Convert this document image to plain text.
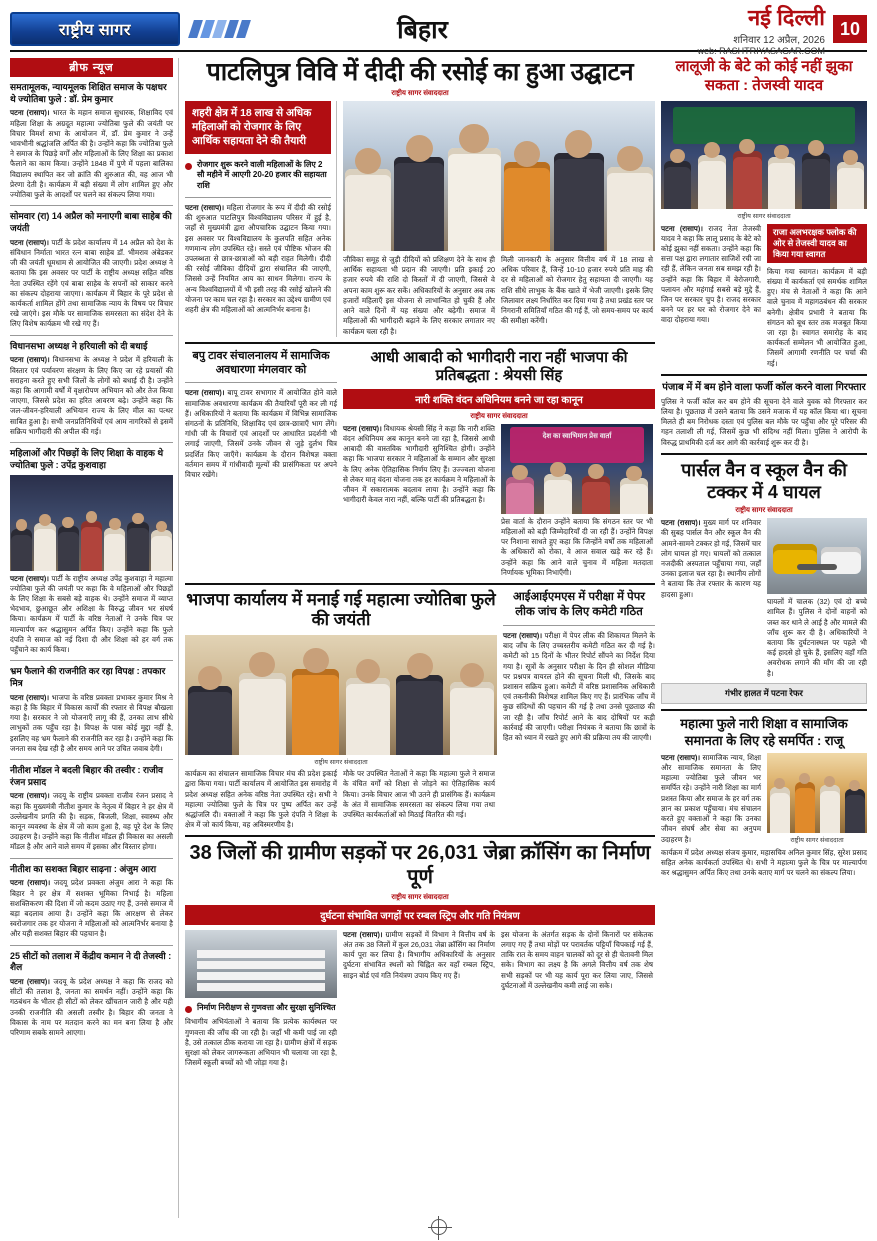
राष्ट्रीय सागर	बिहार	नई दिल्ली
शनिवार 12 अप्रैल, 2026
web: RASHTRIYASAGAR.COM
10
ब्रीफ न्यूज
समतामूलक, न्यायमूलक शिक्षित समाज के पक्षधर थे ज्योतिबा फुले : डॉ. प्रेम कुमार
पटना (रासाप)। भारत के महान समाज सुधारक, शिक्षाविद एवं महिला शिक्षा के अग्रदूत महात्मा ज्योतिबा फुले की जयंती पर विचार विमर्श सभा के आयोजन में, डॉ. प्रेम कुमार ने उन्हें भावभीनी श्रद्धांजलि अर्पित की है। उन्होंने कहा कि ज्योतिबा फुले ने समाज के पिछड़े वर्गों और महिलाओं के लिए शिक्षा का प्रकाश फैलाने का काम किया। उन्होंने 1848 में पुणे में पहला बालिका विद्यालय स्थापित कर जो क्रांति की शुरुआत की, वह आज भी प्रेरणा देती है। कार्यक्रम में बड़ी संख्या में लोग शामिल हुए और ज्योतिबा फुले के आदर्शों पर चलने का संकल्प लिया गया।
सोमवार (रा) 14 अप्रैल को मनाएगी बाबा साहेब की जयंती
पटना (रासाप)। पार्टी के प्रदेश कार्यालय में 14 अप्रैल को देश के संविधान निर्माता भारत रत्न बाबा साहेब डॉ. भीमराव अंबेडकर जी की जयंती धूमधाम से आयोजित की जाएगी। प्रदेश अध्यक्ष ने बताया कि इस अवसर पर पार्टी के राष्ट्रीय अध्यक्ष सहित वरिष्ठ नेता उपस्थित रहेंगे एवं बाबा साहेब के सपनों को साकार करने का संकल्प दोहराया जाएगा। कार्यक्रम में बिहार के पूरे प्रदेश से कार्यकर्ता शामिल होंगे तथा सामाजिक न्याय के विषय पर विचार रखे जाएंगे। इस मौके पर सामाजिक समरसता का संदेश देने के लिए विशेष कार्यक्रम भी रखे गए हैं।
विधानसभा अध्यक्ष ने हरियाली को दी बधाई
पटना (रासाप)। विधानसभा के अध्यक्ष ने प्रदेश में हरियाली के विस्तार एवं पर्यावरण संरक्षण के लिए किए जा रहे प्रयासों की सराहना करते हुए सभी जिलों के लोगों को बधाई दी है। उन्होंने कहा कि आगामी वर्षों में वृक्षारोपण अभियान को और तेज किया जाएगा, जिससे प्रदेश का हरित आवरण बढ़े। उन्होंने कहा कि जल-जीवन-हरियाली अभियान राज्य के लिए मील का पत्थर साबित हुआ है। सभी जनप्रतिनिधियों एवं आम नागरिकों से इसमें सक्रिय भागीदारी की अपील की गई।
महिलाओं और पिछड़ों के लिए शिक्षा के वाहक थे ज्योतिबा फुले : उपेंद्र कुशवाहा
पटना (रासाप)। पार्टी के राष्ट्रीय अध्यक्ष उपेंद्र कुशवाहा ने महात्मा ज्योतिबा फुले की जयंती पर कहा कि वे महिलाओं और पिछड़ों के लिए शिक्षा के सबसे बड़े वाहक थे। उन्होंने समाज में व्याप्त भेदभाव, छुआछूत और अशिक्षा के विरुद्ध जीवन भर संघर्ष किया। कार्यक्रम में पार्टी के वरिष्ठ नेताओं ने उनके चित्र पर माल्यार्पण कर श्रद्धासुमन अर्पित किए। उन्होंने कहा कि फुले दंपति ने समाज को नई दिशा दी और शिक्षा को हर वर्ग तक पहुँचाने का कार्य किया।
भ्रम फैलाने की राजनीति कर रहा विपक्ष : तपकार मित्र
पटना (रासाप)। भाजपा के वरिष्ठ प्रवक्ता प्रभाकर कुमार मिश्र ने कहा है कि बिहार में विकास कार्यों की रफ्तार से विपक्ष बौखला गया है। सरकार ने जो योजनाएँ लागू की हैं, उनका लाभ सीधे लाभुकों तक पहुँच रहा है। विपक्ष के पास कोई मुद्दा नहीं है, इसलिए वह भ्रम फैलाने की राजनीति कर रहा है। उन्होंने कहा कि जनता सब देख रही है और समय आने पर उचित जवाब देगी।
नीतीश मॉडल ने बदली बिहार की तस्वीर : राजीव रंजन प्रसाद
पटना (रासाप)। जदयू के राष्ट्रीय प्रवक्ता राजीव रंजन प्रसाद ने कहा कि मुख्यमंत्री नीतीश कुमार के नेतृत्व में बिहार ने हर क्षेत्र में उल्लेखनीय प्रगति की है। सड़क, बिजली, शिक्षा, स्वास्थ्य और कानून व्यवस्था के क्षेत्र में जो काम हुआ है, वह पूरे देश के लिए उदाहरण है। उन्होंने कहा कि नीतीश मॉडल ही विकास का असली मॉडल है और आने वाले समय में इसका और विस्तार होगा।
नीतीश का सशक्त बिहार साढ़ना : अंजुम आरा
पटना (रासाप)। जदयू प्रदेश प्रवक्ता अंजुम आरा ने कहा कि बिहार ने हर क्षेत्र में सशक्त भूमिका निभाई है। महिला सशक्तिकरण की दिशा में जो कदम उठाए गए हैं, उनसे समाज में बड़ा बदलाव आया है। उन्होंने कहा कि आरक्षण से लेकर स्वरोजगार तक हर योजना ने महिलाओं को आत्मनिर्भर बनाया है और यही सशक्त बिहार की पहचान है।
25 सीटों को तलाश में केंद्रीय कमान ने दी तेजस्वी : शैल
पटना (रासाप)। जदयू के प्रदेश अध्यक्ष ने कहा कि राजद को सीटों की तलाश है, जनता का समर्थन नहीं। उन्होंने कहा कि गठबंधन के भीतर ही सीटों को लेकर खींचतान जारी है और यही उनकी राजनीति की असली तस्वीर है। बिहार की जनता ने विकास के नाम पर मतदान करने का मन बना लिया है और परिणाम सबके सामने आएगा।
पाटलिपुत्र विवि में दीदी की रसोई का हुआ उद्घाटन
राष्ट्रीय सागर संवाददाता
शहरी क्षेत्र में 18 लाख से अधिक महिलाओं को रोजगार के लिए आर्थिक सहायता देने की तैयारी
रोजगार शुरू करने वाली महिलाओं के लिए 2 सौ महीने में आएगी 20-20 हजार की सहायता राशि
पटना (रासाप)। महिला रोजगार के रूप में दीदी की रसोई की शुरुआत पाटलिपुत्र विश्वविद्यालय परिसर में हुई है, जहाँ से मुख्यमंत्री द्वारा औपचारिक उद्घाटन किया गया। इस अवसर पर विश्वविद्यालय के कुलपति सहित अनेक गणमान्य लोग उपस्थित रहे। सस्ते एवं पौष्टिक भोजन की उपलब्धता से छात्र-छात्राओं को बड़ी राहत मिलेगी। दीदी की रसोई जीविका दीदियों द्वारा संचालित की जाएगी, जिससे उन्हें नियमित आय का साधन मिलेगा। राज्य के अन्य विश्वविद्यालयों में भी इसी तरह की रसोई खोलने की योजना पर काम चल रहा है। सरकार का उद्देश्य ग्रामीण एवं शहरी क्षेत्र की महिलाओं को आत्मनिर्भर बनाना है।
जीविका समूह से जुड़ी दीदियों को प्रशिक्षण देने के साथ ही आर्थिक सहायता भी प्रदान की जाएगी। प्रति इकाई 20 हजार रुपये की राशि दो किस्तों में दी जाएगी, जिससे वे अपना काम शुरू कर सकें। अधिकारियों के अनुसार अब तक हजारों महिलाएँ इस योजना से लाभान्वित हो चुकी हैं और आने वाले दिनों में यह संख्या और बढ़ेगी। समाज में महिलाओं की भागीदारी बढ़ाने के लिए सरकार लगातार नए कार्यक्रम चला रही है।
मिली जानकारी के अनुसार वित्तीय वर्ष में 18 लाख से अधिक परिवार हैं, जिन्हें 10-10 हजार रुपये प्रति माह की दर से महिलाओं को रोजगार हेतु सहायता दी जाएगी। यह राशि सीधे लाभुक के बैंक खाते में भेजी जाएगी। इसके लिए जिलावार लक्ष्य निर्धारित कर दिया गया है तथा प्रखंड स्तर पर निगरानी समितियाँ गठित की गई हैं, जो समय-समय पर कार्य की समीक्षा करेंगी।
बपु टावर संचालनालय में सामाजिक अवधारणा मंगलवार को
पटना (रासाप)। बापू टावर सभागार में आयोजित होने वाले सामाजिक अवधारणा कार्यक्रम की तैयारियाँ पूरी कर ली गई हैं। अधिकारियों ने बताया कि कार्यक्रम में विभिन्न सामाजिक संगठनों के प्रतिनिधि, शिक्षाविद एवं छात्र-छात्राएँ भाग लेंगे। गांधी जी के विचारों एवं आदर्शों पर आधारित प्रदर्शनी भी लगाई जाएगी, जिसमें उनके जीवन से जुड़े दुर्लभ चित्र प्रदर्शित किए जाएँगे। कार्यक्रम के दौरान विशेषज्ञ वक्ता वर्तमान समय में गांधीवादी मूल्यों की प्रासंगिकता पर अपने विचार रखेंगे।
आधी आबादी को भागीदारी नारा नहीं भाजपा की प्रतिबद्धता : श्रेयसी सिंह
नारी शक्ति वंदन अधिनियम बनने जा रहा कानून
राष्ट्रीय सागर संवाददाता
पटना (रासाप)। विधायक श्रेयसी सिंह ने कहा कि नारी शक्ति वंदन अधिनियम अब कानून बनने जा रहा है, जिससे आधी आबादी की वास्तविक भागीदारी सुनिश्चित होगी। उन्होंने कहा कि भाजपा सरकार ने महिलाओं के सम्मान और सुरक्षा के लिए अनेक ऐतिहासिक निर्णय लिए हैं। उज्ज्वला योजना से लेकर मातृ वंदना योजना तक हर कार्यक्रम ने महिलाओं के जीवन में सकारात्मक बदलाव लाया है। उन्होंने कहा कि भागीदारी केवल नारा नहीं, बल्कि पार्टी की प्रतिबद्धता है।
देश का स्वाभिमान प्रेस वार्ता
प्रेस वार्ता के दौरान उन्होंने बताया कि संगठन स्तर पर भी महिलाओं को बड़ी जिम्मेदारियाँ दी जा रही हैं। उन्होंने विपक्ष पर निशाना साधते हुए कहा कि जिन्होंने वर्षों तक महिलाओं के अधिकारों को रोका, वे आज सवाल खड़े कर रहे हैं। उन्होंने कहा कि आने वाले चुनाव में महिला मतदाता निर्णायक भूमिका निभाएँगी।
भाजपा कार्यालय में मनाई गई महात्मा ज्योतिबा फुले की जयंती
राष्ट्रीय सागर संवाददाता
कार्यक्रम का संचालन सामाजिक विचार मंच की प्रदेश इकाई द्वारा किया गया। पार्टी कार्यालय में आयोजित इस समारोह में प्रदेश अध्यक्ष सहित अनेक वरिष्ठ नेता उपस्थित रहे। सभी ने महात्मा ज्योतिबा फुले के चित्र पर पुष्प अर्पित कर उन्हें श्रद्धांजलि दी। वक्ताओं ने कहा कि फुले दंपति ने शिक्षा के क्षेत्र में जो कार्य किया, वह अविस्मरणीय है।
मौके पर उपस्थित नेताओं ने कहा कि महात्मा फुले ने समाज के वंचित वर्गों को शिक्षा से जोड़ने का ऐतिहासिक कार्य किया। उनके विचार आज भी उतने ही प्रासंगिक हैं। कार्यक्रम के अंत में सामाजिक समरसता का संकल्प लिया गया तथा उपस्थित कार्यकर्ताओं को मिठाई वितरित की गई।
आईआईएमएस में परीक्षा में पेपर लीक जांच के लिए कमेटी गठित
पटना (रासाप)। परीक्षा में पेपर लीक की शिकायत मिलने के बाद जाँच के लिए उच्चस्तरीय कमेटी गठित कर दी गई है। कमेटी को 15 दिनों के भीतर रिपोर्ट सौंपने का निर्देश दिया गया है। सूत्रों के अनुसार परीक्षा के दिन ही सोशल मीडिया पर प्रश्नपत्र वायरल होने की सूचना मिली थी, जिसके बाद प्रशासन सक्रिय हुआ। कमेटी में वरिष्ठ प्रशासनिक अधिकारी एवं तकनीकी विशेषज्ञ शामिल किए गए हैं। प्रारंभिक जाँच में कुछ संदिग्धों की पहचान की गई है तथा उनसे पूछताछ की जा रही है। जाँच रिपोर्ट आने के बाद दोषियों पर कड़ी कार्रवाई की जाएगी। परीक्षा नियंत्रक ने बताया कि छात्रों के हित को ध्यान में रखते हुए आगे की प्रक्रिया तय की जाएगी।
38 जिलों की ग्रामीण सड़कों पर 26,031 जेब्रा क्रॉसिंग का निर्माण पूर्ण
राष्ट्रीय सागर संवाददाता
दुर्घटना संभावित जगहों पर रम्बल स्ट्रिप और गति नियंत्रण
निर्माण निरीक्षण से गुणवत्ता और सुरक्षा सुनिश्चित
विभागीय अभियंताओं ने बताया कि प्रत्येक कार्यस्थल पर गुणवत्ता की जाँच की जा रही है। जहाँ भी कमी पाई जा रही है, उसे तत्काल ठीक कराया जा रहा है। ग्रामीण क्षेत्रों में सड़क सुरक्षा को लेकर जागरूकता अभियान भी चलाया जा रहा है, जिसमें स्कूली बच्चों को भी जोड़ा गया है।
पटना (रासाप)। ग्रामीण सड़कों में विभाग ने वित्तीय वर्ष के अंत तक 38 जिलों में कुल 26,031 जेब्रा क्रॉसिंग का निर्माण कार्य पूरा कर लिया है। विभागीय अधिकारियों के अनुसार दुर्घटना संभावित स्थलों को चिह्नित कर वहाँ रम्बल स्ट्रिप, साइन बोर्ड एवं गति नियंत्रण उपाय किए गए हैं।
इस योजना के अंतर्गत सड़क के दोनों किनारों पर संकेतक लगाए गए हैं तथा मोड़ों पर परावर्तक पट्टियाँ चिपकाई गई हैं, ताकि रात के समय वाहन चालकों को दूर से ही चेतावनी मिल सके। विभाग का लक्ष्य है कि अगले वित्तीय वर्ष तक शेष सभी सड़कों पर भी यह कार्य पूरा कर लिया जाए, जिससे दुर्घटनाओं में उल्लेखनीय कमी लाई जा सके।
लालूजी के बेटे को कोई नहीं झुका सकता : तेजस्वी यादव
राष्ट्रीय सागर संवाददाता
पटना (रासाप)। राजद नेता तेजस्वी यादव ने कहा कि लालू प्रसाद के बेटे को कोई झुका नहीं सकता। उन्होंने कहा कि सत्ता पक्ष द्वारा लगातार साजिशें रची जा रही हैं, लेकिन जनता सब समझ रही है। उन्होंने कहा कि बिहार में बेरोजगारी, पलायन और महंगाई सबसे बड़े मुद्दे हैं, जिन पर सरकार चुप है। राजद सरकार बनने पर हर घर को रोजगार देने का वादा दोहराया गया।
राजा अलभरक्षक फ्लोक की ओर से तेजस्वी यादव का किया गया स्वागत
किया गया स्वागत। कार्यक्रम में बड़ी संख्या में कार्यकर्ता एवं समर्थक शामिल हुए। मंच से नेताओं ने कहा कि आने वाले चुनाव में महागठबंधन की सरकार बनेगी। क्षेत्रीय प्रभारी ने बताया कि संगठन को बूथ स्तर तक मजबूत किया जा रहा है। स्वागत समारोह के बाद कार्यकर्ता सम्मेलन भी आयोजित हुआ, जिसमें आगामी रणनीति पर चर्चा की गई।
पंजाब में में बम होने वाला फर्जी कॉल करने वाला गिरफ्तार
पुलिस ने फर्जी कॉल कर बम होने की सूचना देने वाले युवक को गिरफ्तार कर लिया है। पूछताछ में उसने बताया कि उसने मजाक में यह कॉल किया था। सूचना मिलते ही बम निरोधक दस्ता एवं पुलिस बल मौके पर पहुँचा और पूरे परिसर की गहन तलाशी ली गई, जिसमें कुछ भी संदिग्ध नहीं मिला। पुलिस ने आरोपी के विरुद्ध प्राथमिकी दर्ज कर आगे की कार्रवाई शुरू कर दी है।
पार्सल वैन व स्कूल वैन की टक्कर में 4 घायल
राष्ट्रीय सागर संवाददाता
पटना (रासाप)। मुख्य मार्ग पर शनिवार की सुबह पार्सल वैन और स्कूल वैन की आमने-सामने टक्कर हो गई, जिसमें चार लोग घायल हो गए। घायलों को तत्काल नजदीकी अस्पताल पहुँचाया गया, जहाँ उनका इलाज चल रहा है। स्थानीय लोगों ने बताया कि तेज रफ्तार के कारण यह हादसा हुआ।
घायलों में चालक (32) एवं दो बच्चे शामिल हैं। पुलिस ने दोनों वाहनों को जब्त कर थाने ले आई है और मामले की जाँच शुरू कर दी है। अधिकारियों ने बताया कि दुर्घटनास्थल पर पहले भी कई हादसे हो चुके हैं, इसलिए वहाँ गति अवरोधक लगाने की माँग की जा रही है।
गंभीर हालत में पटना रेफर
महात्मा फुले नारी शिक्षा व सामाजिक समानता के लिए रहे समर्पित : राजू
पटना (रासाप)। सामाजिक न्याय, शिक्षा और सामाजिक समानता के लिए महात्मा ज्योतिबा फुले जीवन भर समर्पित रहे। उन्होंने नारी शिक्षा का मार्ग प्रशस्त किया और समाज के हर वर्ग तक ज्ञान का प्रकाश पहुँचाया। मंच संचालन करते हुए वक्ताओं ने कहा कि उनका जीवन संघर्ष और सेवा का अनुपम उदाहरण है।	राष्ट्रीय सागर संवाददाता
कार्यक्रम में प्रदेश अध्यक्ष संजय कुमार, महासचिव अनिल कुमार सिंह, सुरेश प्रसाद सहित अनेक कार्यकर्ता उपस्थित थे। सभी ने महात्मा फुले के चित्र पर माल्यार्पण कर श्रद्धासुमन अर्पित किए तथा उनके बताए मार्ग पर चलने का संकल्प लिया।
